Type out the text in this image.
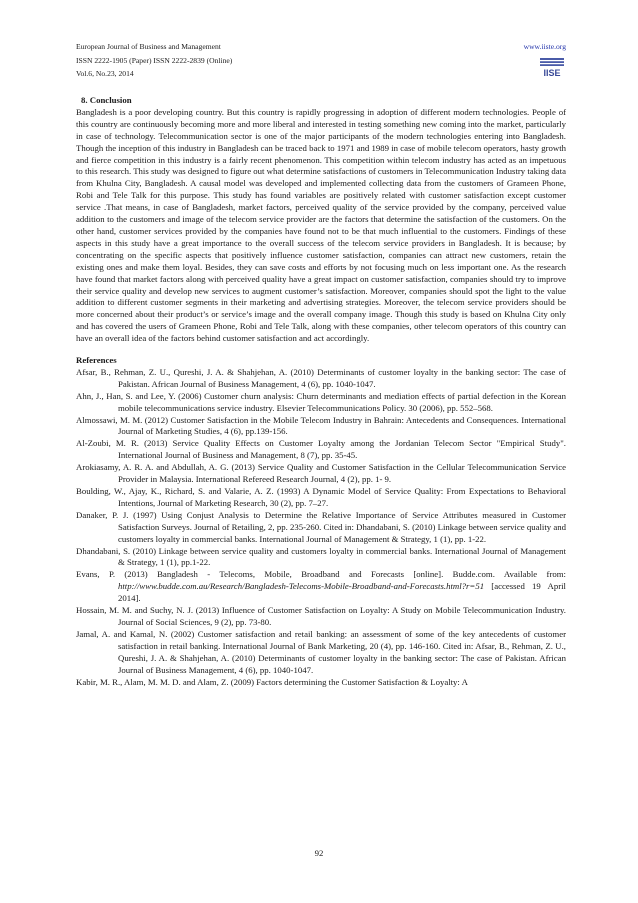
European Journal of Business and Management
ISSN 2222-1905 (Paper) ISSN 2222-2839 (Online)
Vol.6, No.23, 2014
www.iiste.org
IISE
8. Conclusion

Bangladesh is a poor developing country. But this country is rapidly progressing in adoption of different modern technologies. People of this country are continuously becoming more and more liberal and interested in testing something new coming into the market, particularly in case of technology. Telecommunication sector is one of the major participants of the modern technologies entering into Bangladesh. Though the inception of this industry in Bangladesh can be traced back to 1971 and 1989 in case of mobile telecom operators, hasty growth and fierce competition in this industry is a fairly recent phenomenon. This competition within telecom industry has acted as an impetuous to this research. This study was designed to figure out what determine satisfactions of customers in Telecommunication Industry taking data from Khulna City, Bangladesh. A causal model was developed and implemented collecting data from the customers of Grameen Phone, Robi and Tele Talk for this purpose. This study has found variables are positively related with customer satisfaction except customer service .That means, in case of Bangladesh, market factors, perceived quality of the service provided by the company, perceived value addition to the customers and image of the telecom service provider are the factors that determine the satisfaction of the customers. On the other hand, customer services provided by the companies have found not to be that much influential to the customers. Findings of these aspects in this study have a great importance to the overall success of the telecom service providers in Bangladesh. It is because; by concentrating on the specific aspects that positively influence customer satisfaction, companies can attract new customers, retain the existing ones and make them loyal. Besides, they can save costs and efforts by not focusing much on less important one. As the research have found that market factors along with perceived quality have a great impact on customer satisfaction, companies should try to improve their service quality and develop new services to augment customer’s satisfaction. Moreover, companies should spot the light to the value addition to different customer segments in their marketing and advertising strategies. Moreover, the telecom service providers should be more concerned about their product’s or service’s image and the overall company image. Though this study is based on Khulna City only and has covered the users of Grameen Phone, Robi and Tele Talk, along with these companies, other telecom operators of this country can have an overall idea of the factors behind customer satisfaction and act accordingly.

References
Afsar, B., Rehman, Z. U., Qureshi, J. A. & Shahjehan, A. (2010) Determinants of customer loyalty in the banking sector: The case of Pakistan. African Journal of Business Management, 4 (6), pp. 1040-1047.
Ahn, J., Han, S. and Lee, Y. (2006) Customer churn analysis: Churn determinants and mediation effects of partial defection in the Korean mobile telecommunications service industry. Elsevier Telecommunications Policy. 30 (2006), pp. 552–568.
Almossawi, M. M. (2012) Customer Satisfaction in the Mobile Telecom Industry in Bahrain: Antecedents and Consequences. International Journal of Marketing Studies, 4 (6), pp.139-156.
Al-Zoubi, M. R. (2013) Service Quality Effects on Customer Loyalty among the Jordanian Telecom Sector "Empirical Study". International Journal of Business and Management, 8 (7), pp. 35-45.
Arokiasamy, A. R. A. and Abdullah, A. G. (2013) Service Quality and Customer Satisfaction in the Cellular Telecommunication Service Provider in Malaysia. International Refereed Research Journal, 4 (2), pp. 1- 9.
Boulding, W., Ajay, K., Richard, S. and Valarie, A. Z. (1993) A Dynamic Model of Service Quality: From Expectations to Behavioral Intentions, Journal of Marketing Research, 30 (2), pp. 7–27.
Danaker, P. J. (1997) Using Conjust Analysis to Determine the Relative Importance of Service Attributes measured in Customer Satisfaction Surveys. Journal of Retailing, 2, pp. 235-260. Cited in: Dhandabani, S. (2010) Linkage between service quality and customers loyalty in commercial banks. International Journal of Management & Strategy, 1 (1), pp. 1-22.
Dhandabani, S. (2010) Linkage between service quality and customers loyalty in commercial banks. International Journal of Management & Strategy, 1 (1), pp.1-22.
Evans, P. (2013) Bangladesh - Telecoms, Mobile, Broadband and Forecasts [online]. Budde.com. Available from: http://www.budde.com.au/Research/Bangladesh-Telecoms-Mobile-Broadband-and-Forecasts.html?r=51 [accessed 19 April 2014].
Hossain, M. M. and Suchy, N. J. (2013) Influence of Customer Satisfaction on Loyalty: A Study on Mobile Telecommunication Industry. Journal of Social Sciences, 9 (2), pp. 73-80.
Jamal, A. and Kamal, N. (2002) Customer satisfaction and retail banking: an assessment of some of the key antecedents of customer satisfaction in retail banking. International Journal of Bank Marketing, 20 (4), pp. 146-160. Cited in: Afsar, B., Rehman, Z. U., Qureshi, J. A. & Shahjehan, A. (2010) Determinants of customer loyalty in the banking sector: The case of Pakistan. African Journal of Business Management, 4 (6), pp. 1040-1047.
Kabir, M. R., Alam, M. M. D. and Alam, Z. (2009) Factors determining the Customer Satisfaction & Loyalty: A
92
